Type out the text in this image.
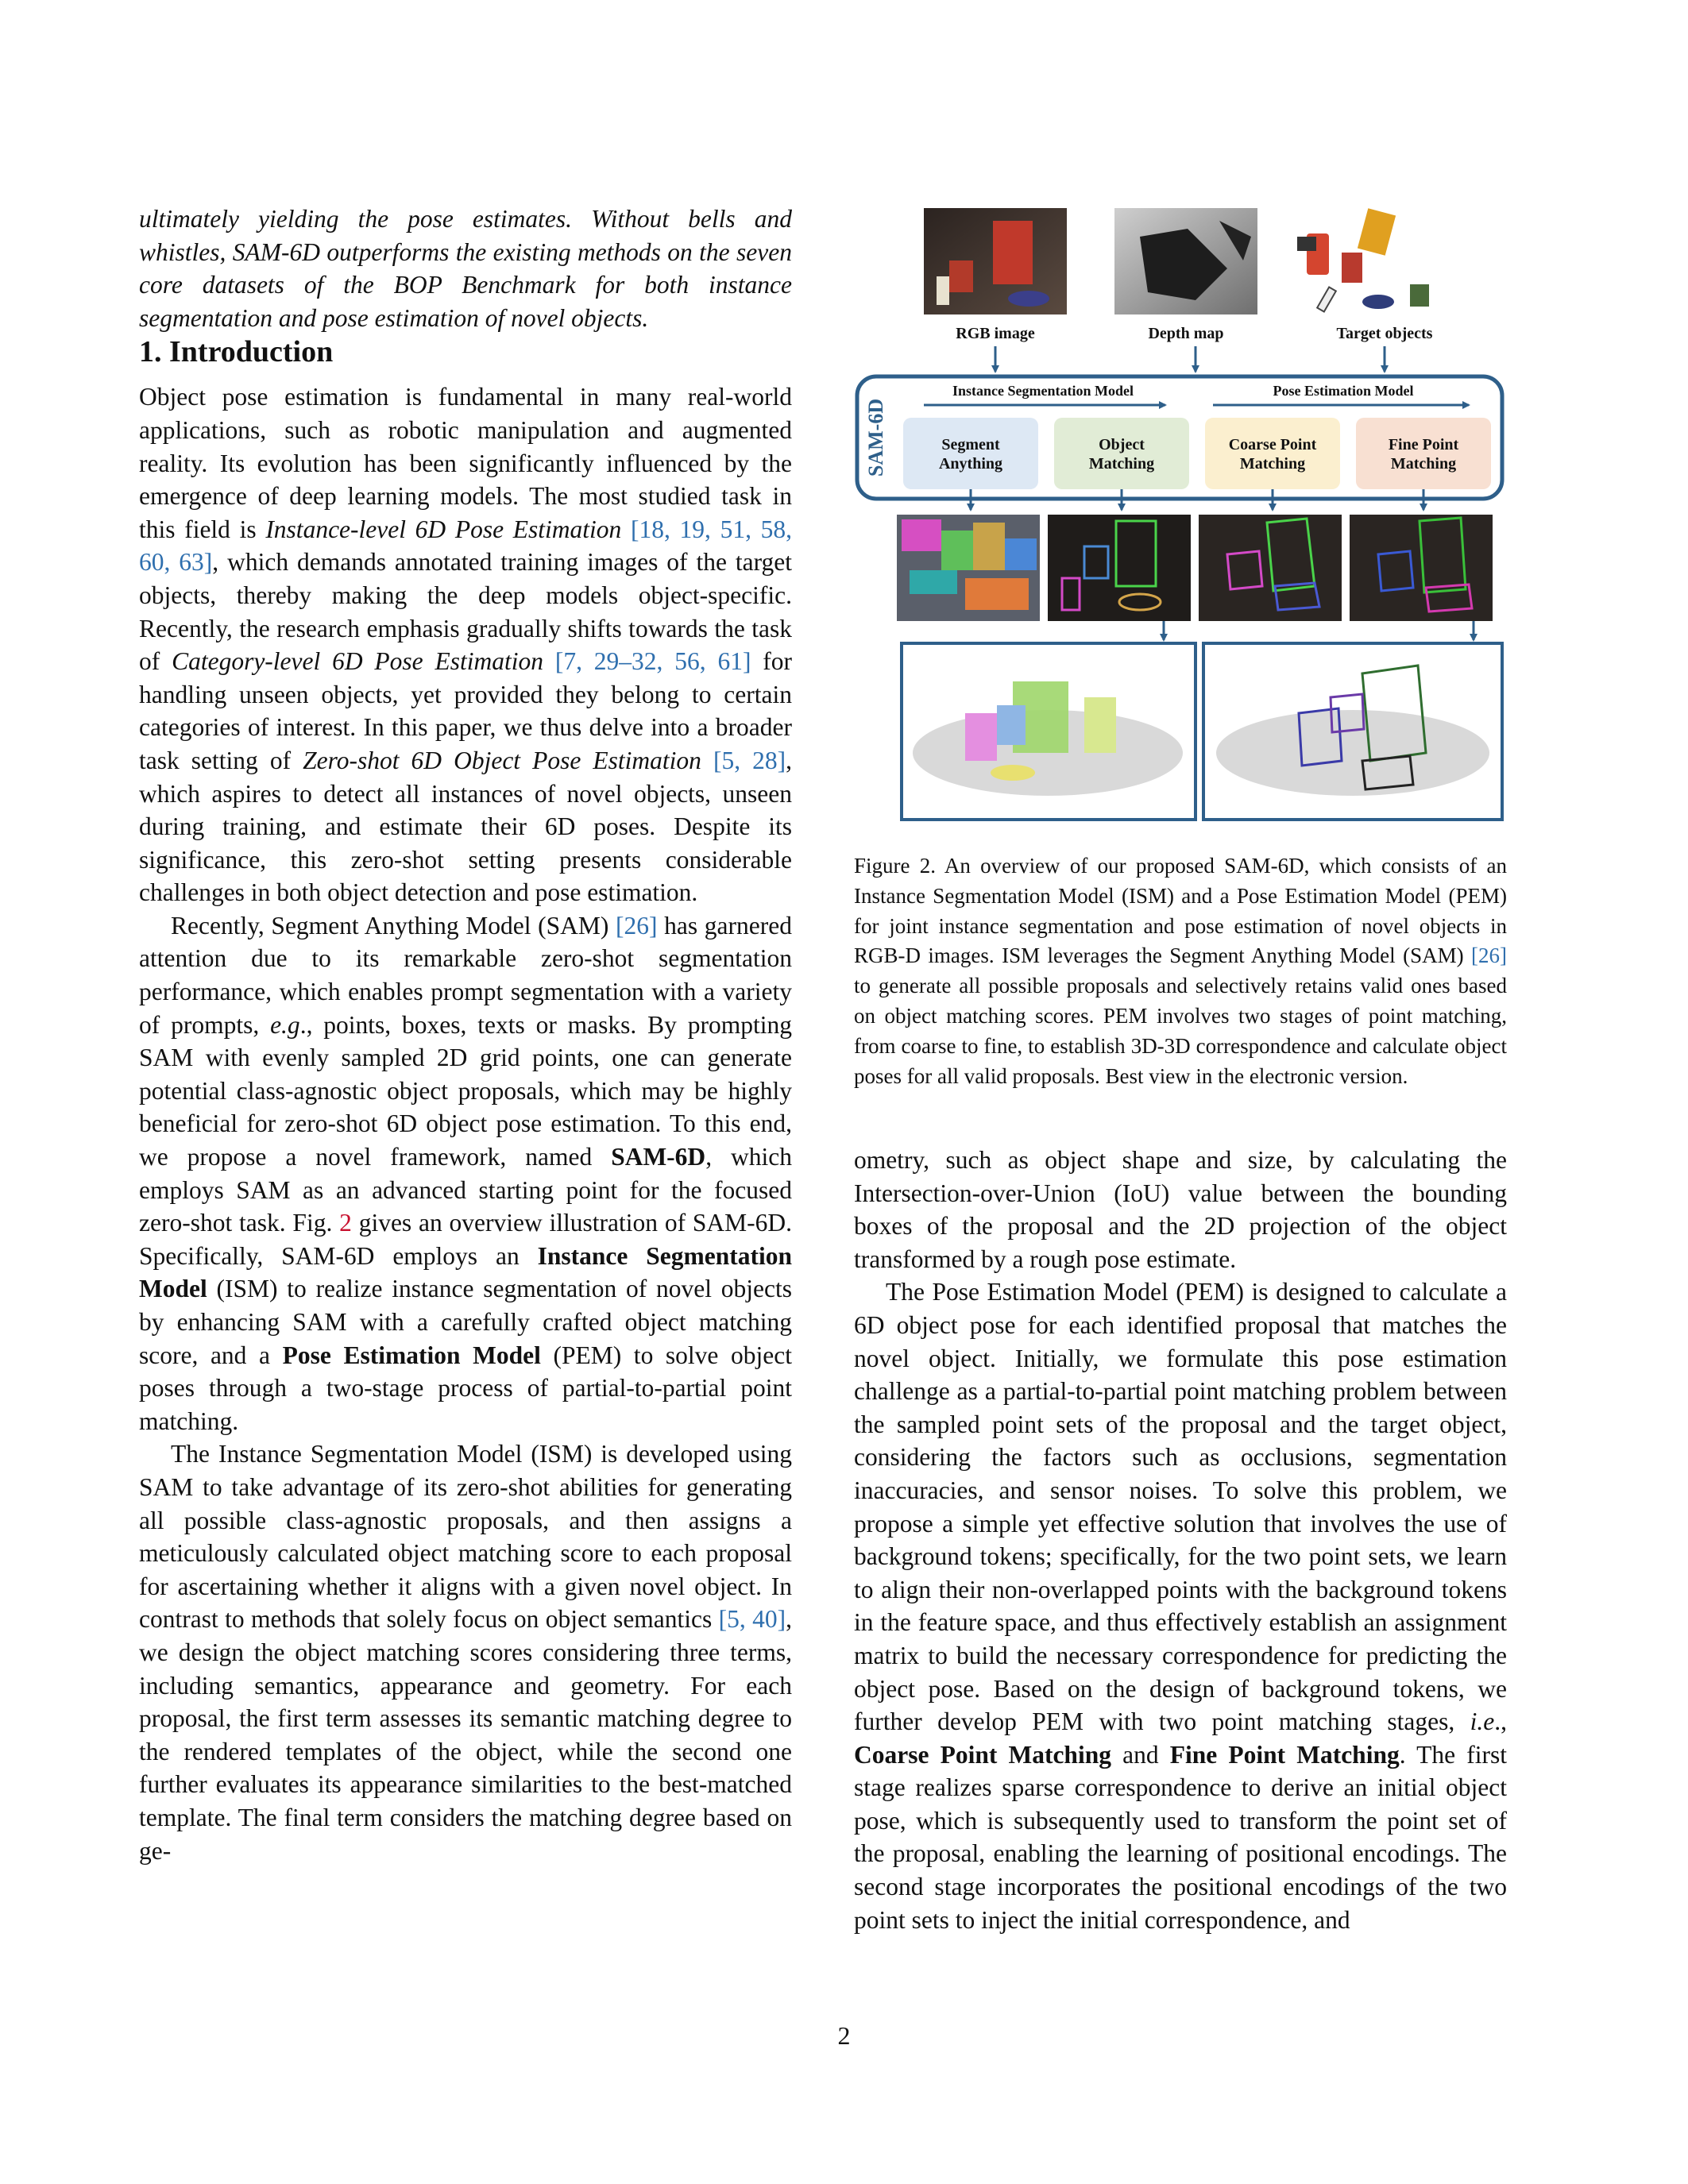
ultimately yielding the pose estimates. Without bells and whistles, SAM-6D outperforms the existing methods on the seven core datasets of the BOP Benchmark for both instance segmentation and pose estimation of novel objects.

1. Introduction

Object pose estimation is fundamental in many real-world applications, such as robotic manipulation and augmented reality. Its evolution has been significantly influenced by the emergence of deep learning models. The most studied task in this field is Instance-level 6D Pose Estimation [18, 19, 51, 58, 60, 63], which demands annotated training images of the target objects, thereby making the deep models object-specific. Recently, the research emphasis gradually shifts towards the task of Category-level 6D Pose Estimation [7, 29–32, 56, 61] for handling unseen objects, yet provided they belong to certain categories of interest. In this paper, we thus delve into a broader task setting of Zero-shot 6D Object Pose Estimation [5, 28], which aspires to detect all instances of novel objects, unseen during training, and estimate their 6D poses. Despite its significance, this zero-shot setting presents considerable challenges in both object detection and pose estimation.

Recently, Segment Anything Model (SAM) [26] has garnered attention due to its remarkable zero-shot segmentation performance, which enables prompt segmentation with a variety of prompts, e.g., points, boxes, texts or masks. By prompting SAM with evenly sampled 2D grid points, one can generate potential class-agnostic object proposals, which may be highly beneficial for zero-shot 6D object pose estimation. To this end, we propose a novel framework, named SAM-6D, which employs SAM as an advanced starting point for the focused zero-shot task. Fig. 2 gives an overview illustration of SAM-6D. Specifically, SAM-6D employs an Instance Segmentation Model (ISM) to realize instance segmentation of novel objects by enhancing SAM with a carefully crafted object matching score, and a Pose Estimation Model (PEM) to solve object poses through a two-stage process of partial-to-partial point matching.

The Instance Segmentation Model (ISM) is developed using SAM to take advantage of its zero-shot abilities for generating all possible class-agnostic proposals, and then assigns a meticulously calculated object matching score to each proposal for ascertaining whether it aligns with a given novel object. In contrast to methods that solely focus on object semantics [5, 40], we design the object matching scores considering three terms, including semantics, appearance and geometry. For each proposal, the first term assesses its semantic matching degree to the rendered templates of the object, while the second one further evaluates its appearance similarities to the best-matched template. The final term considers the matching degree based on ge-

RGB image	Depth map	Target objects
SAM-6D
Instance Segmentation Model	Pose Estimation Model
Segment
Anything
Object
Matching
Coarse Point
Matching
Fine Point
Matching

Figure 2. An overview of our proposed SAM-6D, which consists of an Instance Segmentation Model (ISM) and a Pose Estimation Model (PEM) for joint instance segmentation and pose estimation of novel objects in RGB-D images. ISM leverages the Segment Anything Model (SAM) [26] to generate all possible proposals and selectively retains valid ones based on object matching scores. PEM involves two stages of point matching, from coarse to fine, to establish 3D-3D correspondence and calculate object poses for all valid proposals. Best view in the electronic version.

ometry, such as object shape and size, by calculating the Intersection-over-Union (IoU) value between the bounding boxes of the proposal and the 2D projection of the object transformed by a rough pose estimate.

The Pose Estimation Model (PEM) is designed to calculate a 6D object pose for each identified proposal that matches the novel object. Initially, we formulate this pose estimation challenge as a partial-to-partial point matching problem between the sampled point sets of the proposal and the target object, considering the factors such as occlusions, segmentation inaccuracies, and sensor noises. To solve this problem, we propose a simple yet effective solution that involves the use of background tokens; specifically, for the two point sets, we learn to align their non-overlapped points with the background tokens in the feature space, and thus effectively establish an assignment matrix to build the necessary correspondence for predicting the object pose. Based on the design of background tokens, we further develop PEM with two point matching stages, i.e., Coarse Point Matching and Fine Point Matching. The first stage realizes sparse correspondence to derive an initial object pose, which is subsequently used to transform the point set of the proposal, enabling the learning of positional encodings. The second stage incorporates the positional encodings of the two point sets to inject the initial correspondence, and

2
